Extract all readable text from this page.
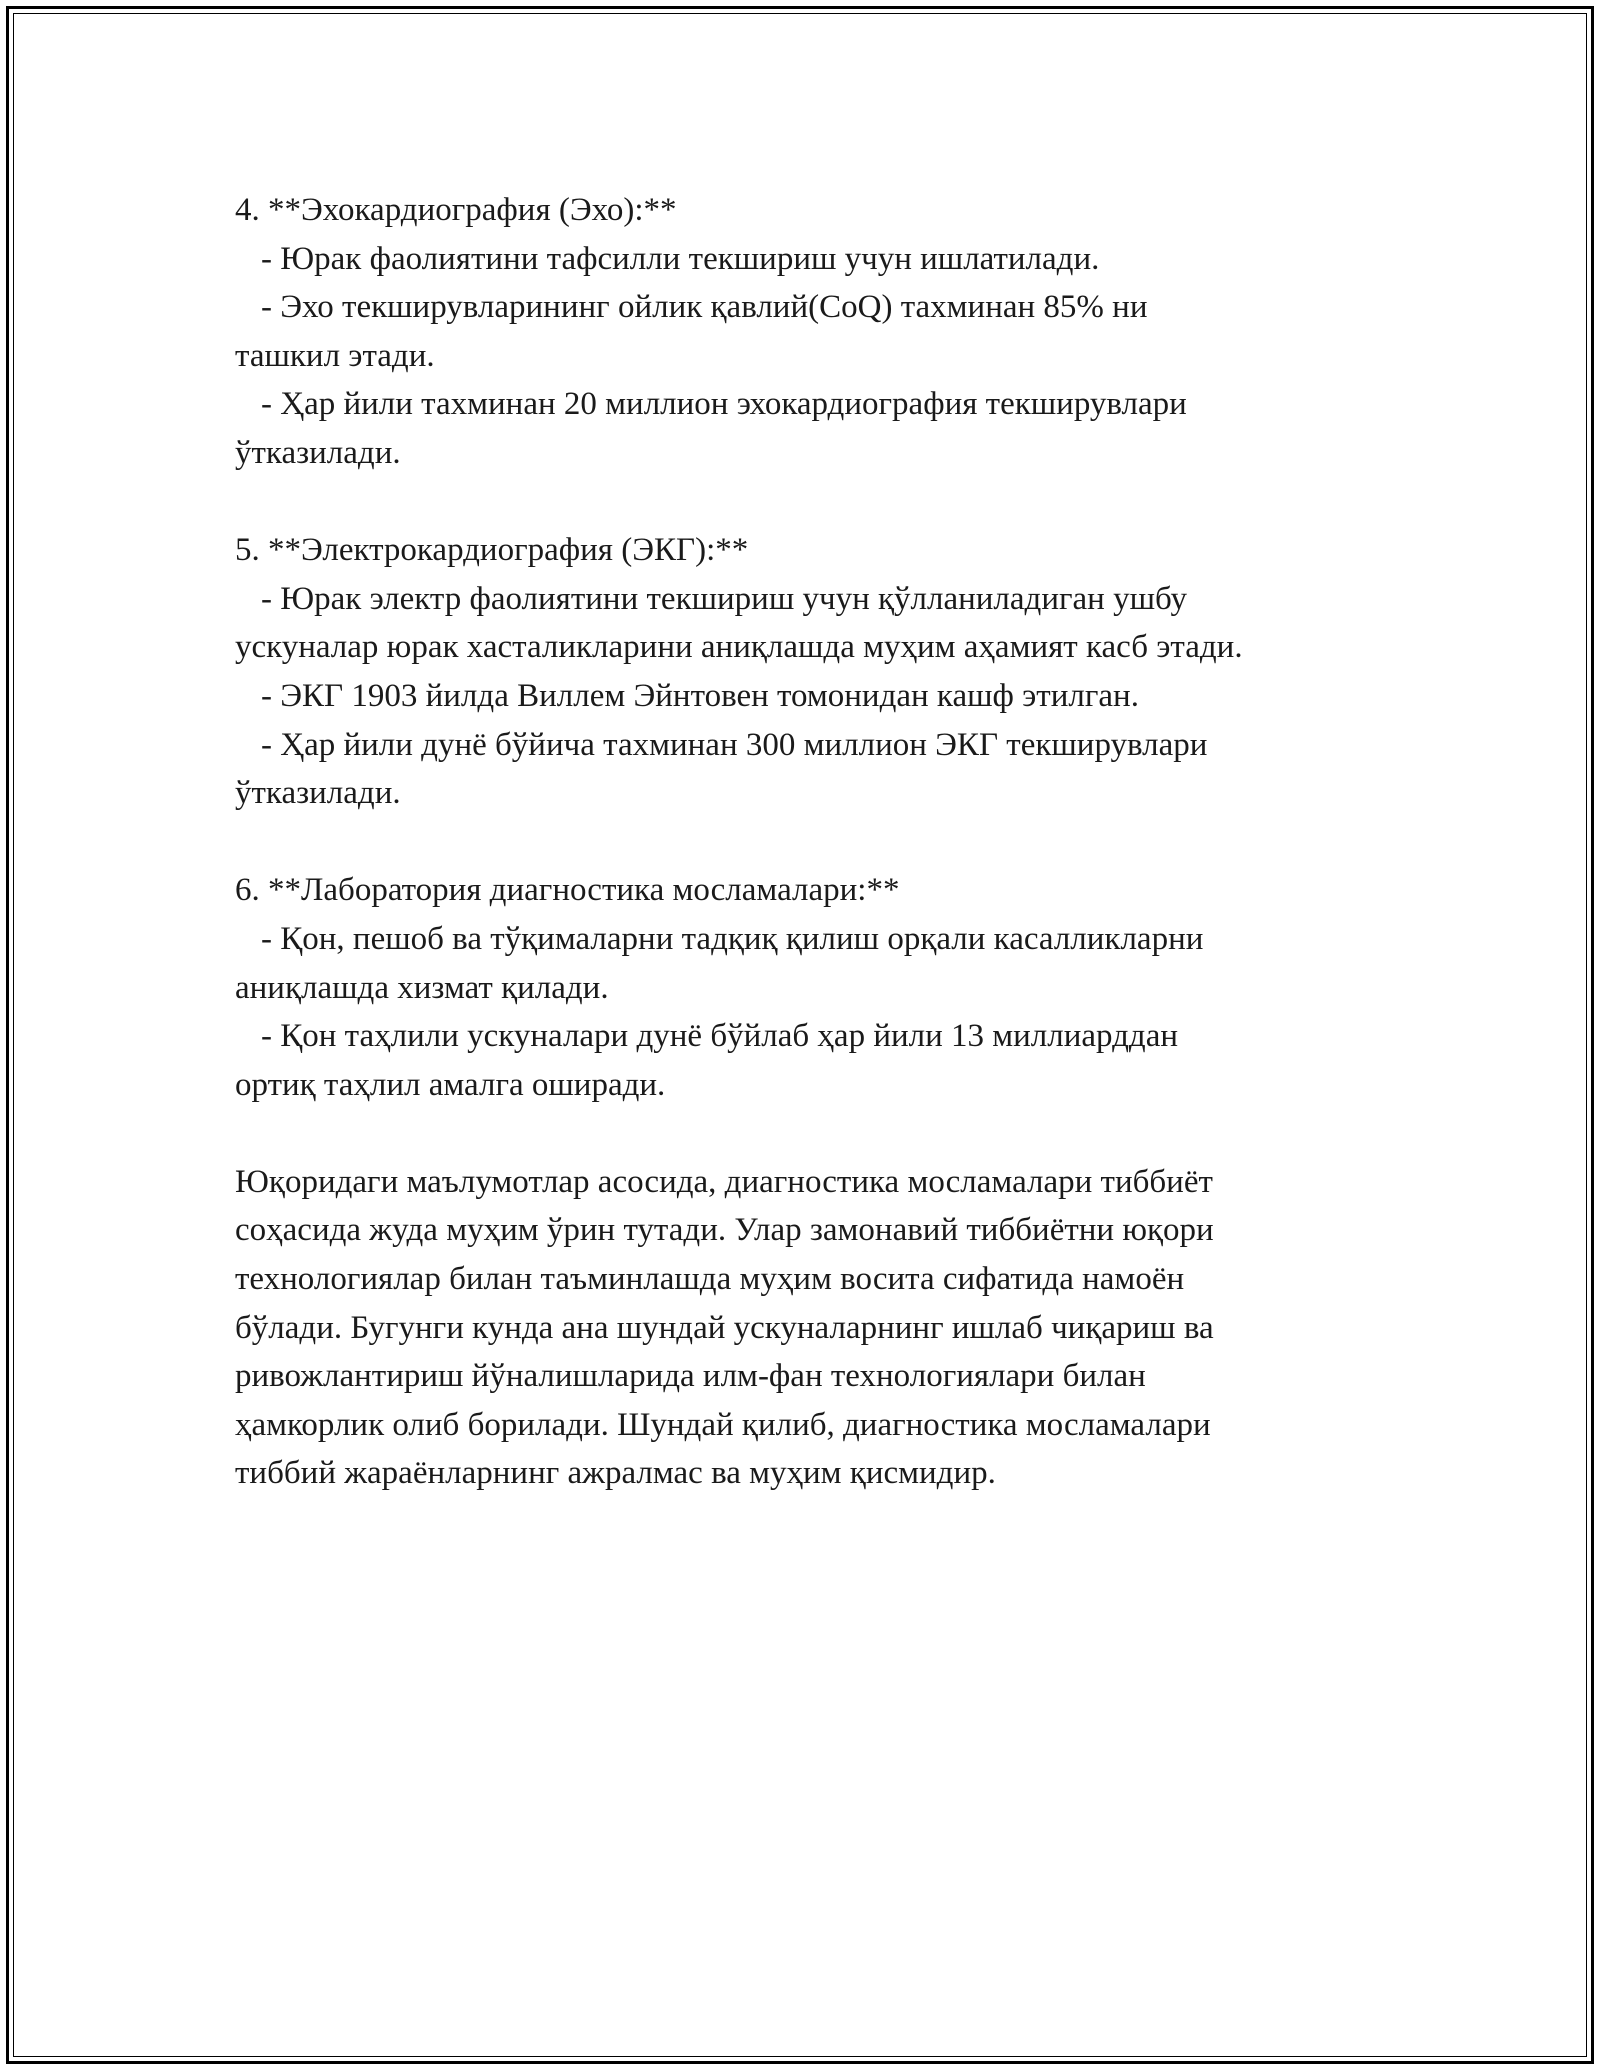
4. **Эхокардиография (Эхо):**
- Юрак фаолиятини тафсилли текшириш учун ишлатилади.
- Эхо текширувларининг ойлик қавлий(CoQ) тахминан 85% ни
ташкил этади.
- Ҳар йили тахминан 20 миллион эхокардиография текширувлари
ўтказилади.
5. **Электрокардиография (ЭКГ):**
- Юрак электр фаолиятини текшириш учун қўлланиладиган ушбу
ускуналар юрак хасталикларини аниқлашда муҳим аҳамият касб этади.
- ЭКГ 1903 йилда Виллем Эйнтовен томонидан кашф этилган.
- Ҳар йили дунё бўйича тахминан 300 миллион ЭКГ текширувлари
ўтказилади.
6. **Лаборатория диагностика мосламалари:**
- Қон, пешоб ва тўқималарни тадқиқ қилиш орқали касалликларни
аниқлашда хизмат қилади.
- Қон таҳлили ускуналари дунё бўйлаб ҳар йили 13 миллиарддан
ортиқ таҳлил амалга оширади.
Юқоридаги маълумотлар асосида, диагностика мосламалари тиббиёт
соҳасида жуда муҳим ўрин тутади. Улар замонавий тиббиётни юқори
технологиялар билан таъминлашда муҳим восита сифатида намоён
бўлади. Бугунги кунда ана шундай ускуналарнинг ишлаб чиқариш ва
ривожлантириш йўналишларида илм-фан технологиялари билан
ҳамкорлик олиб борилади. Шундай қилиб, диагностика мосламалари
тиббий жараёнларнинг ажралмас ва муҳим қисмидир.
